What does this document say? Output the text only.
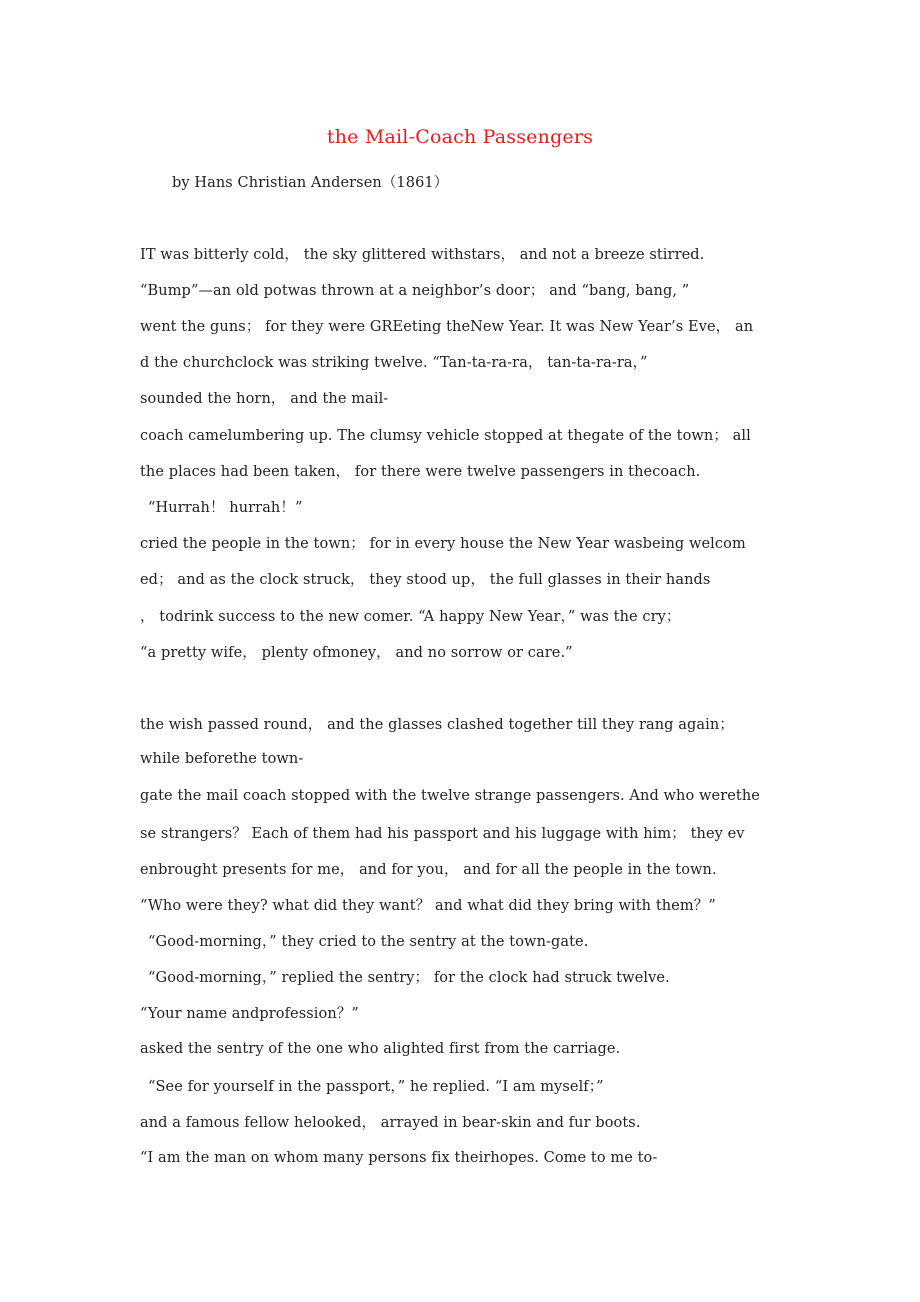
the Mail-Coach Passengers
by Hans Christian Andersen（1861）
IT was bitterly cold， the sky glittered withstars， and not a breeze stirred.
“Bump”—an old potwas thrown at a neighbor’s door； and “bang, bang, ”
went the guns； for they were GREeting theNew Year. It was New Year’s Eve， an
d the churchclock was striking twelve. “Tan-ta-ra-ra， tan-ta-ra-ra，”
sounded the horn， and the mail-
coach camelumbering up. The clumsy vehicle stopped at thegate of the town； all
the places had been taken， for there were twelve passengers in thecoach.
“Hurrah！ hurrah！”
cried the people in the town； for in every house the New Year wasbeing welcom
ed； and as the clock struck， they stood up， the full glasses in their hands
， todrink success to the new comer. “A happy New Year，” was the cry；
“a pretty wife， plenty ofmoney， and no sorrow or care.”
the wish passed round， and the glasses clashed together till they rang again；
while beforethe town-
gate the mail coach stopped with the twelve strange passengers. And who werethe
se strangers？ Each of them had his passport and his luggage with him； they ev
enbrought presents for me， and for you， and for all the people in the town.
“Who were they? what did they want？ and what did they bring with them？”
“Good-morning，” they cried to the sentry at the town-gate.
“Good-morning，” replied the sentry； for the clock had struck twelve.
“Your name andprofession？”
asked the sentry of the one who alighted first from the carriage.
“See for yourself in the passport，” he replied. “I am myself；”
and a famous fellow helooked， arrayed in bear-skin and fur boots.
“I am the man on whom many persons fix theirhopes. Come to me to-
